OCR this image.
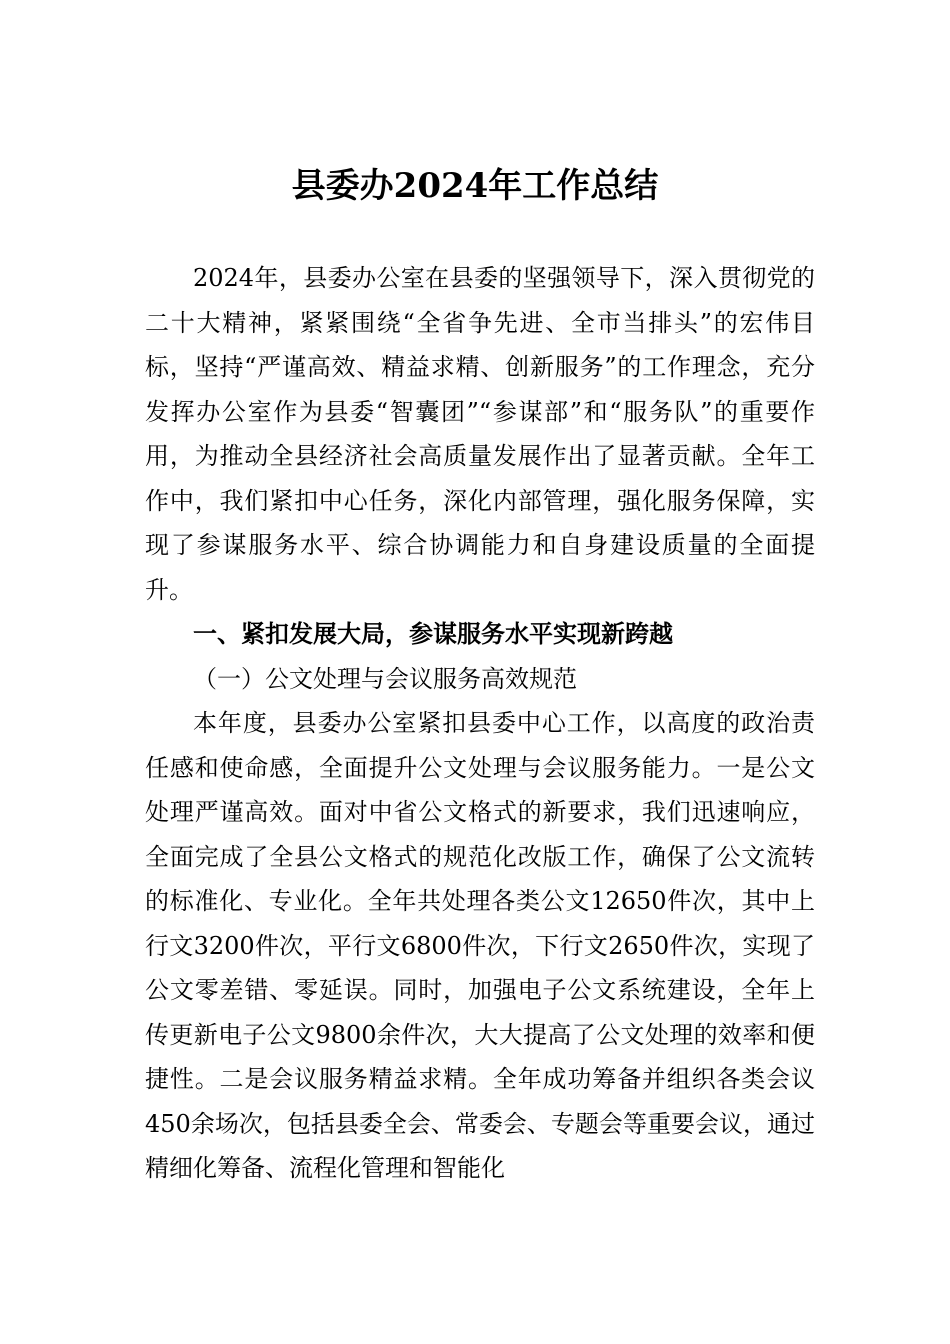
县委办2024年工作总结

2024年，县委办公室在县委的坚强领导下，深入贯彻党的二十大精神，紧紧围绕“全省争先进、全市当排头”的宏伟目标，坚持“严谨高效、精益求精、创新服务”的工作理念，充分发挥办公室作为县委“智囊团”“参谋部”和“服务队”的重要作用，为推动全县经济社会高质量发展作出了显著贡献。全年工作中，我们紧扣中心任务，深化内部管理，强化服务保障，实现了参谋服务水平、综合协调能力和自身建设质量的全面提升。

一、紧扣发展大局，参谋服务水平实现新跨越

（一）公文处理与会议服务高效规范

本年度，县委办公室紧扣县委中心工作，以高度的政治责任感和使命感，全面提升公文处理与会议服务能力。一是公文处理严谨高效。面对中省公文格式的新要求，我们迅速响应，全面完成了全县公文格式的规范化改版工作，确保了公文流转的标准化、专业化。全年共处理各类公文12650件次，其中上行文3200件次，平行文6800件次，下行文2650件次，实现了公文零差错、零延误。同时，加强电子公文系统建设，全年上传更新电子公文9800余件次，大大提高了公文处理的效率和便捷性。二是会议服务精益求精。全年成功筹备并组织各类会议450余场次，包括县委全会、常委会、专题会等重要会议，通过精细化筹备、流程化管理和智能化
